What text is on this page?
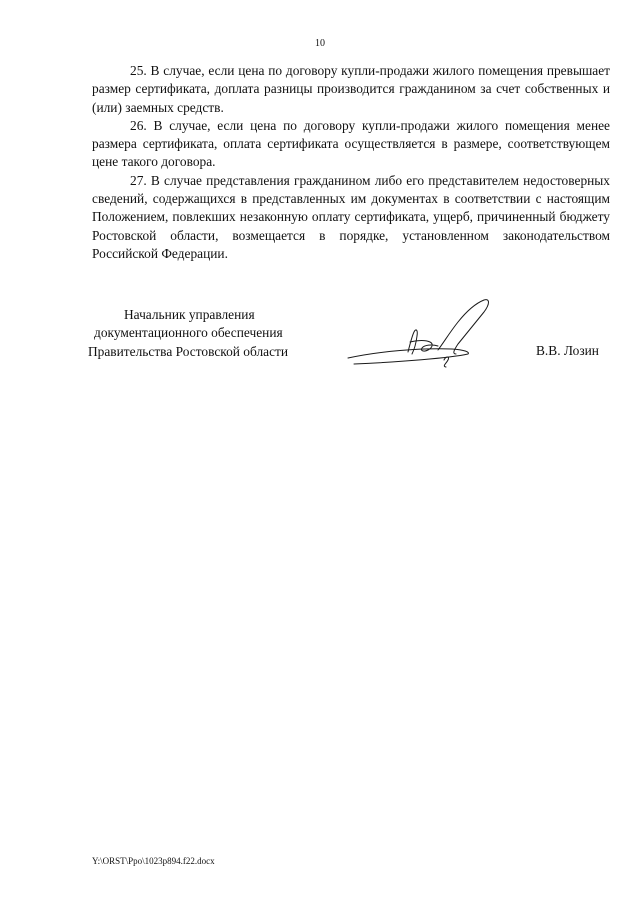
10

25. В случае, если цена по договору купли-продажи жилого помещения превышает размер сертификата, доплата разницы производится гражданином за счет собственных и (или) заемных средств.

26. В случае, если цена по договору купли-продажи жилого помещения менее размера сертификата, оплата сертификата осуществляется в размере, соответствующем цене такого договора.

27. В случае представления гражданином либо его представителем недостоверных сведений, содержащихся в представленных им документах в соответствии с настоящим Положением, повлекших незаконную оплату сертификата, ущерб, причиненный бюджету Ростовской области, возмещается в порядке, установленном законодательством Российской Федерации.

Начальник управления
документационного обеспечения
Правительства Ростовской области	В.В. Лозин
Y:\ORST\Ppo\1023p894.f22.docx
